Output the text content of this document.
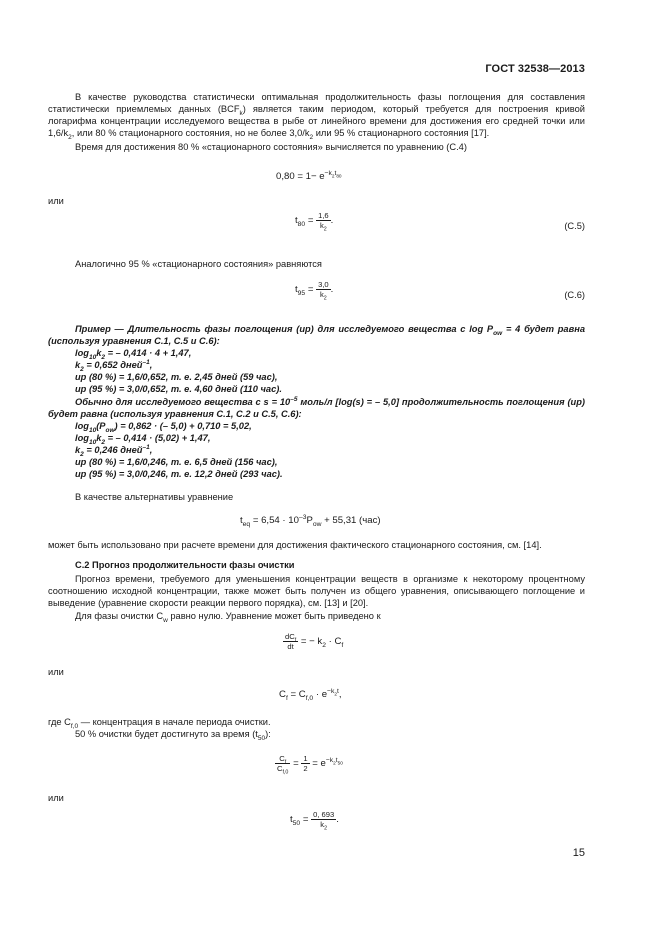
ГОСТ 32538—2013

В качестве руководства статистически оптимальная продолжительность фазы поглощения для составления статистически приемлемых данных $(BCF_k)$ является таким периодом, который требуется для построения кривой логарифма концентрации исследуемого вещества в рыбе от линейного времени для достижения его средней точки или $1,6/k_2$, или 80 % стационарного состояния, но не более $3,0/k_2$ или 95 % стационарного состояния [17].

Время для достижения 80 % «стационарного состояния» вычисляется по уравнению (С.4)

$0,80 = 1- e^{-k_2t_{80}}$
или
$t_{80} = \frac{1,6}{k_2}$ .	(C.5)

Аналогично 95 % «стационарного состояния» равняются

$t_{95} = \frac{3,0}{k_2}$ .	(C.6)

Пример — Длительность фазы поглощения (up) для исследуемого вещества с $\log P_{ow} = 4$ будет равна (используя уравнения С.1, С.5 и С.6):

$\log_{10}k_2$ = – 0,414 · 4 + 1,47,
$k_2 = 0,652$ дней$^{-1}$,
up (80 %) = 1,6/0,652, т. е. 2,45 дней (59 час),
up (95 %) = 3,0/0,652, т. е. 4,60 дней (110 час).

Обычно для исследуемого вещества с $s = 10^{-5}$ моль/л [log(s) = – 5,0] продолжительность поглощения (up) будет равна (используя уравнения С.1, С.2 и С.5, С.6):

$\log_{10}(P_{ow}) = 0,862$ · (– 5,0) + 0,710 = 5,02,
$\log_{10}k_2$ = – 0,414 · (5,02) + 1,47,
$k_2 = 0,246$ дней$^{-1}$,
up (80 %) = 1,6/0,246, т. е. 6,5 дней (156 час),
up (95 %) = 3,0/0,246, т. е. 12,2 дней (293 час).

В качестве альтернативы уравнение

$t_{eq} = 6,54 \cdot 10^{-3}P_{ow} + 55,31$ (час)

может быть использовано при расчете времени для достижения фактического стационарного состояния, см. [14].

С.2 Прогноз продолжительности фазы очистки

Прогноз времени, требуемого для уменьшения концентрации веществ в организме к некоторому процентному соотношению исходной концентрации, также может быть получен из общего уравнения, описывающего поглощение и выведение (уравнение скорости реакции первого порядка), см. [13] и [20].

Для фазы очистки $C_w$ равно нулю. Уравнение может быть приведено к

$\frac{dC_f}{dt}$ = − $k_2 \cdot C_f$
или
$C_f = C_{f,0} \cdot e^{-k_2t}$,

где $C_{f,0}$ — концентрация в начале периода очистки.

50 % очистки будет достигнуто за время $(t_{50})$:

$\frac{C_f}{C_{f,0}} = \frac{1}{2} = e^{-k_2t_{50}}$
или
$t_{50} = \frac{0, 693}{k_2}$ .
15
